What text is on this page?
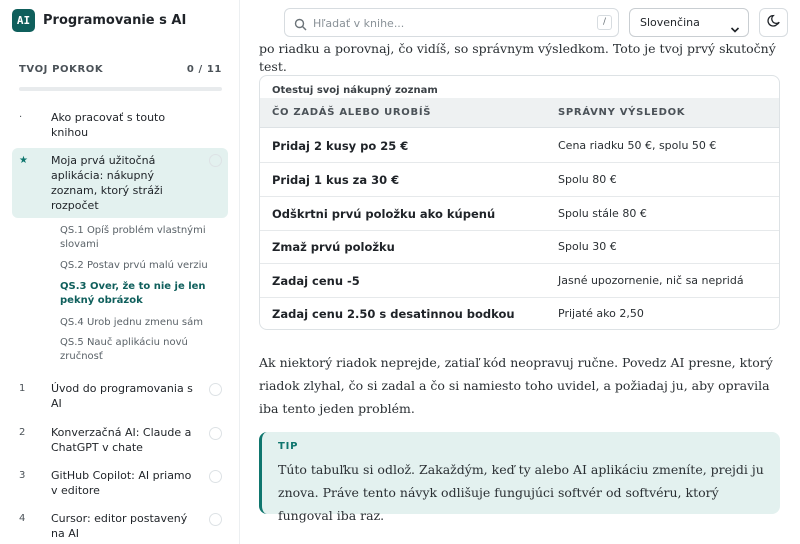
AI Programovanie s AI
TVOJ POKROK	0 / 11
·	Ako pracovať s touto knihou
★ Moja prvá užitočná aplikácia: nákupný zoznam, ktorý stráži rozpočet
QS.1 Opíš problém vlastnými slovami
QS.2 Postav prvú malú verziu
QS.3 Over, že to nie je len pekný obrázok
QS.4 Urob jednu zmenu sám
QS.5 Nauč aplikáciu novú zručnosť
1 Úvod do programovania s AI
2 Konverzačná AI: Claude a ChatGPT v chate
3 GitHub Copilot: AI priamo v editore
4 Cursor: editor postavený na AI
Hľadať v knihe...
/	Slovenčina

po riadku a porovnaj, čo vidíš, so správnym výsledkom. Toto je tvoj prvý skutočný test.

Otestuj svoj nákupný zoznam
ČO ZADÁŠ ALEBO UROBÍŠ	SPRÁVNY VÝSLEDOK
Pridaj 2 kusy po 25 €	Cena riadku 50 €, spolu 50 €
Pridaj 1 kus za 30 €	Spolu 80 €
Odškrtni prvú položku ako kúpenú	Spolu stále 80 €
Zmaž prvú položku	Spolu 30 €
Zadaj cenu -5	Jasné upozornenie, nič sa nepridá
Zadaj cenu 2.50 s desatinnou bodkou	Prijaté ako 2,50

Ak niektorý riadok neprejde, zatiaľ kód neopravuj ručne. Povedz AI presne, ktorý riadok zlyhal, čo si zadal a čo si namiesto toho uvidel, a požiadaj ju, aby opravila iba tento jeden problém.

TIP

Túto tabuľku si odlož. Zakaždým, keď ty alebo AI aplikáciu zmeníte, prejdi ju znova. Práve tento návyk odlišuje fungujúci softvér od softvéru, ktorý fungoval iba raz.
